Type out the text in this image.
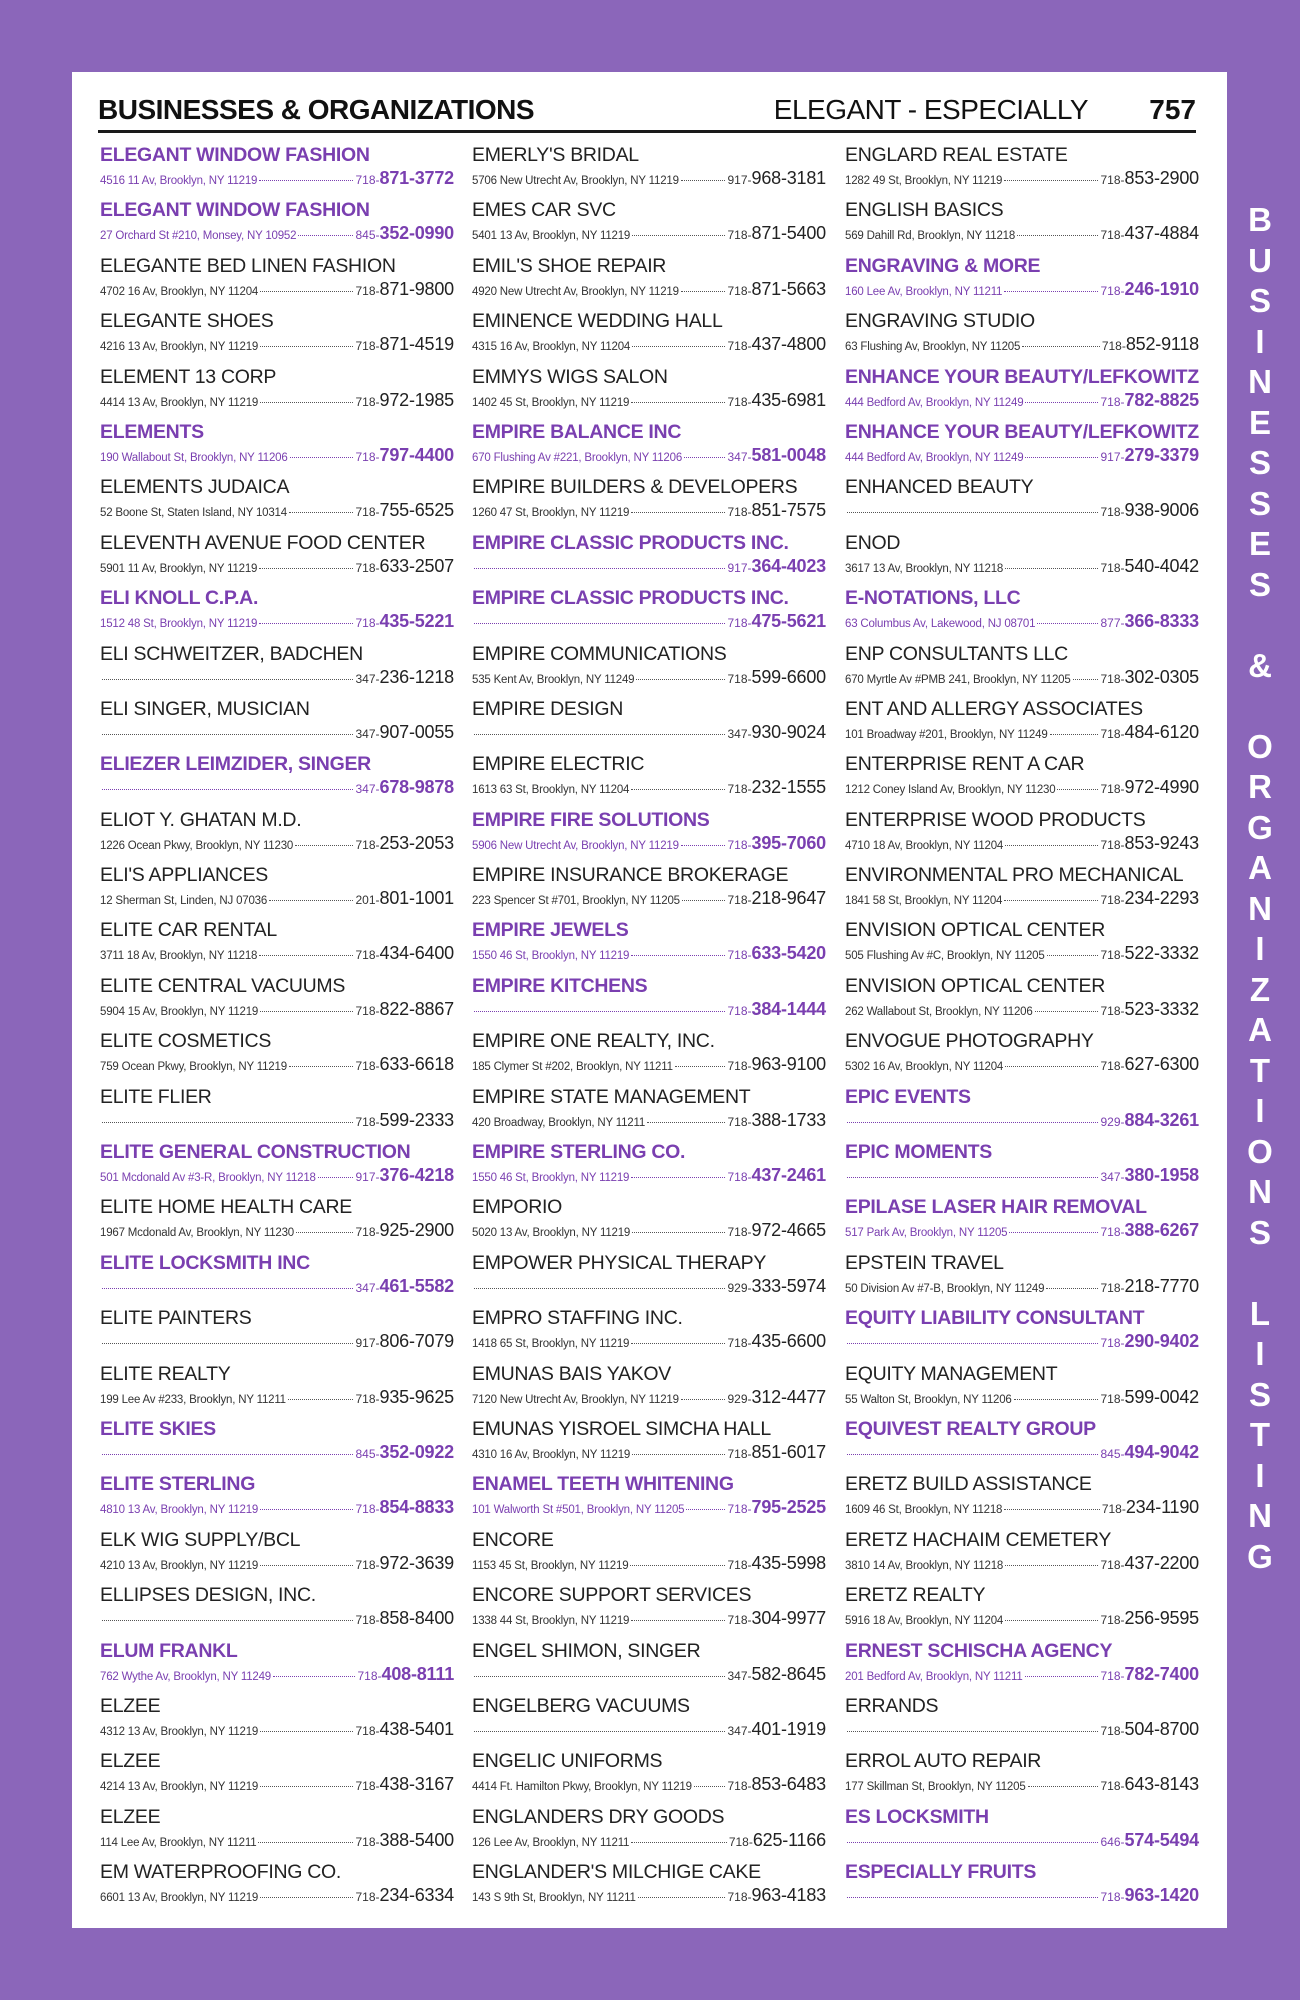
BUSINESSES & ORGANIZATIONS	ELEGANT - ESPECIALLY 757
ELEGANT WINDOW FASHION
4516 11 Av, Brooklyn, NY 11219	718- 871-3772
ELEGANT WINDOW FASHION
27 Orchard St #210, Monsey, NY 10952	845- 352-0990
ELEGANTE BED LINEN FASHION
4702 16 Av, Brooklyn, NY 11204	718- 871-9800
ELEGANTE SHOES
4216 13 Av, Brooklyn, NY 11219	718- 871-4519
ELEMENT 13 CORP
4414 13 Av, Brooklyn, NY 11219	718- 972-1985
ELEMENTS
190 Wallabout St, Brooklyn, NY 11206	718- 797-4400
ELEMENTS JUDAICA
52 Boone St, Staten Island, NY 10314	718- 755-6525
ELEVENTH AVENUE FOOD CENTER
5901 11 Av, Brooklyn, NY 11219	718- 633-2507
ELI KNOLL C.P.A.
1512 48 St, Brooklyn, NY 11219	718- 435-5221
ELI SCHWEITZER, BADCHEN
347- 236-1218
ELI SINGER, MUSICIAN
347- 907-0055
ELIEZER LEIMZIDER, SINGER
347- 678-9878
ELIOT Y. GHATAN M.D.
1226 Ocean Pkwy, Brooklyn, NY 11230	718- 253-2053
ELI'S APPLIANCES
12 Sherman St, Linden, NJ 07036	201- 801-1001
ELITE CAR RENTAL
3711 18 Av, Brooklyn, NY 11218	718- 434-6400
ELITE CENTRAL VACUUMS
5904 15 Av, Brooklyn, NY 11219	718- 822-8867
ELITE COSMETICS
759 Ocean Pkwy, Brooklyn, NY 11219	718- 633-6618
ELITE FLIER
718- 599-2333
ELITE GENERAL CONSTRUCTION
501 Mcdonald Av #3-R, Brooklyn, NY 11218	917- 376-4218
ELITE HOME HEALTH CARE
1967 Mcdonald Av, Brooklyn, NY 11230	718- 925-2900
ELITE LOCKSMITH INC
347- 461-5582
ELITE PAINTERS
917- 806-7079
ELITE REALTY
199 Lee Av #233, Brooklyn, NY 11211	718- 935-9625
ELITE SKIES
845- 352-0922
ELITE STERLING
4810 13 Av, Brooklyn, NY 11219	718- 854-8833
ELK WIG SUPPLY/BCL
4210 13 Av, Brooklyn, NY 11219	718- 972-3639
ELLIPSES DESIGN, INC.
718- 858-8400
ELUM FRANKL
762 Wythe Av, Brooklyn, NY 11249	718- 408-8111
ELZEE
4312 13 Av, Brooklyn, NY 11219	718- 438-5401
ELZEE
4214 13 Av, Brooklyn, NY 11219	718- 438-3167
ELZEE
114 Lee Av, Brooklyn, NY 11211	718- 388-5400
EM WATERPROOFING CO.
6601 13 Av, Brooklyn, NY 11219	718- 234-6334
EMERLY'S BRIDAL
5706 New Utrecht Av, Brooklyn, NY 11219	917- 968-3181
EMES CAR SVC
5401 13 Av, Brooklyn, NY 11219	718- 871-5400
EMIL'S SHOE REPAIR
4920 New Utrecht Av, Brooklyn, NY 11219	718- 871-5663
EMINENCE WEDDING HALL
4315 16 Av, Brooklyn, NY 11204	718- 437-4800
EMMYS WIGS SALON
1402 45 St, Brooklyn, NY 11219	718- 435-6981
EMPIRE BALANCE INC
670 Flushing Av #221, Brooklyn, NY 11206	347- 581-0048
EMPIRE BUILDERS & DEVELOPERS
1260 47 St, Brooklyn, NY 11219	718- 851-7575
EMPIRE CLASSIC PRODUCTS INC.
917- 364-4023
EMPIRE CLASSIC PRODUCTS INC.
718- 475-5621
EMPIRE COMMUNICATIONS
535 Kent Av, Brooklyn, NY 11249	718- 599-6600
EMPIRE DESIGN
347- 930-9024
EMPIRE ELECTRIC
1613 63 St, Brooklyn, NY 11204	718- 232-1555
EMPIRE FIRE SOLUTIONS
5906 New Utrecht Av, Brooklyn, NY 11219	718- 395-7060
EMPIRE INSURANCE BROKERAGE
223 Spencer St #701, Brooklyn, NY 11205	718- 218-9647
EMPIRE JEWELS
1550 46 St, Brooklyn, NY 11219	718- 633-5420
EMPIRE KITCHENS
718- 384-1444
EMPIRE ONE REALTY, INC.
185 Clymer St #202, Brooklyn, NY 11211	718- 963-9100
EMPIRE STATE MANAGEMENT
420 Broadway, Brooklyn, NY 11211	718- 388-1733
EMPIRE STERLING CO.
1550 46 St, Brooklyn, NY 11219	718- 437-2461
EMPORIO
5020 13 Av, Brooklyn, NY 11219	718- 972-4665
EMPOWER PHYSICAL THERAPY
929- 333-5974
EMPRO STAFFING INC.
1418 65 St, Brooklyn, NY 11219	718- 435-6600
EMUNAS BAIS YAKOV
7120 New Utrecht Av, Brooklyn, NY 11219	929- 312-4477
EMUNAS YISROEL SIMCHA HALL
4310 16 Av, Brooklyn, NY 11219	718- 851-6017
ENAMEL TEETH WHITENING
101 Walworth St #501, Brooklyn, NY 11205	718- 795-2525
ENCORE
1153 45 St, Brooklyn, NY 11219	718- 435-5998
ENCORE SUPPORT SERVICES
1338 44 St, Brooklyn, NY 11219	718- 304-9977
ENGEL SHIMON, SINGER
347- 582-8645
ENGELBERG VACUUMS
347- 401-1919
ENGELIC UNIFORMS
4414 Ft. Hamilton Pkwy, Brooklyn, NY 11219	718- 853-6483
ENGLANDERS DRY GOODS
126 Lee Av, Brooklyn, NY 11211	718- 625-1166
ENGLANDER'S MILCHIGE CAKE
143 S 9th St, Brooklyn, NY 11211	718- 963-4183
ENGLARD REAL ESTATE
1282 49 St, Brooklyn, NY 11219	718- 853-2900
ENGLISH BASICS
569 Dahill Rd, Brooklyn, NY 11218	718- 437-4884
ENGRAVING & MORE
160 Lee Av, Brooklyn, NY 11211	718- 246-1910
ENGRAVING STUDIO
63 Flushing Av, Brooklyn, NY 11205	718- 852-9118
ENHANCE YOUR BEAUTY/LEFKOWITZ
444 Bedford Av, Brooklyn, NY 11249	718- 782-8825
ENHANCE YOUR BEAUTY/LEFKOWITZ
444 Bedford Av, Brooklyn, NY 11249	917- 279-3379
ENHANCED BEAUTY
718- 938-9006
ENOD
3617 13 Av, Brooklyn, NY 11218	718- 540-4042
E-NOTATIONS, LLC
63 Columbus Av, Lakewood, NJ 08701	877- 366-8333
ENP CONSULTANTS LLC
670 Myrtle Av #PMB 241, Brooklyn, NY 11205 718- 302-0305
ENT AND ALLERGY ASSOCIATES
101 Broadway #201, Brooklyn, NY 11249	718- 484-6120
ENTERPRISE RENT A CAR
1212 Coney Island Av, Brooklyn, NY 11230	718- 972-4990
ENTERPRISE WOOD PRODUCTS
4710 18 Av, Brooklyn, NY 11204	718- 853-9243
ENVIRONMENTAL PRO MECHANICAL
1841 58 St, Brooklyn, NY 11204	718- 234-2293
ENVISION OPTICAL CENTER
505 Flushing Av #C, Brooklyn, NY 11205	718- 522-3332
ENVISION OPTICAL CENTER
262 Wallabout St, Brooklyn, NY 11206	718- 523-3332
ENVOGUE PHOTOGRAPHY
5302 16 Av, Brooklyn, NY 11204	718- 627-6300
EPIC EVENTS
929- 884-3261
EPIC MOMENTS
347- 380-1958
EPILASE LASER HAIR REMOVAL
517 Park Av, Brooklyn, NY 11205	718- 388-6267
EPSTEIN TRAVEL
50 Division Av #7-B, Brooklyn, NY 11249	718- 218-7770
EQUITY LIABILITY CONSULTANT
718- 290-9402
EQUITY MANAGEMENT
55 Walton St, Brooklyn, NY 11206	718- 599-0042
EQUIVEST REALTY GROUP
845- 494-9042
ERETZ BUILD ASSISTANCE
1609 46 St, Brooklyn, NY 11218	718- 234-1190
ERETZ HACHAIM CEMETERY
3810 14 Av, Brooklyn, NY 11218	718- 437-2200
ERETZ REALTY
5916 18 Av, Brooklyn, NY 11204	718- 256-9595
ERNEST SCHISCHA AGENCY
201 Bedford Av, Brooklyn, NY 11211	718- 782-7400
ERRANDS
718- 504-8700
ERROL AUTO REPAIR
177 Skillman St, Brooklyn, NY 11205	718- 643-8143
ES LOCKSMITH
646- 574-5494
ESPECIALLY FRUITS
718- 963-1420
B
U
S
I
N
E
S
S
E
S
&
O
R
G
A
N
I
Z
A
T
I
O
N
S
L
I
S
T
I
N
G
